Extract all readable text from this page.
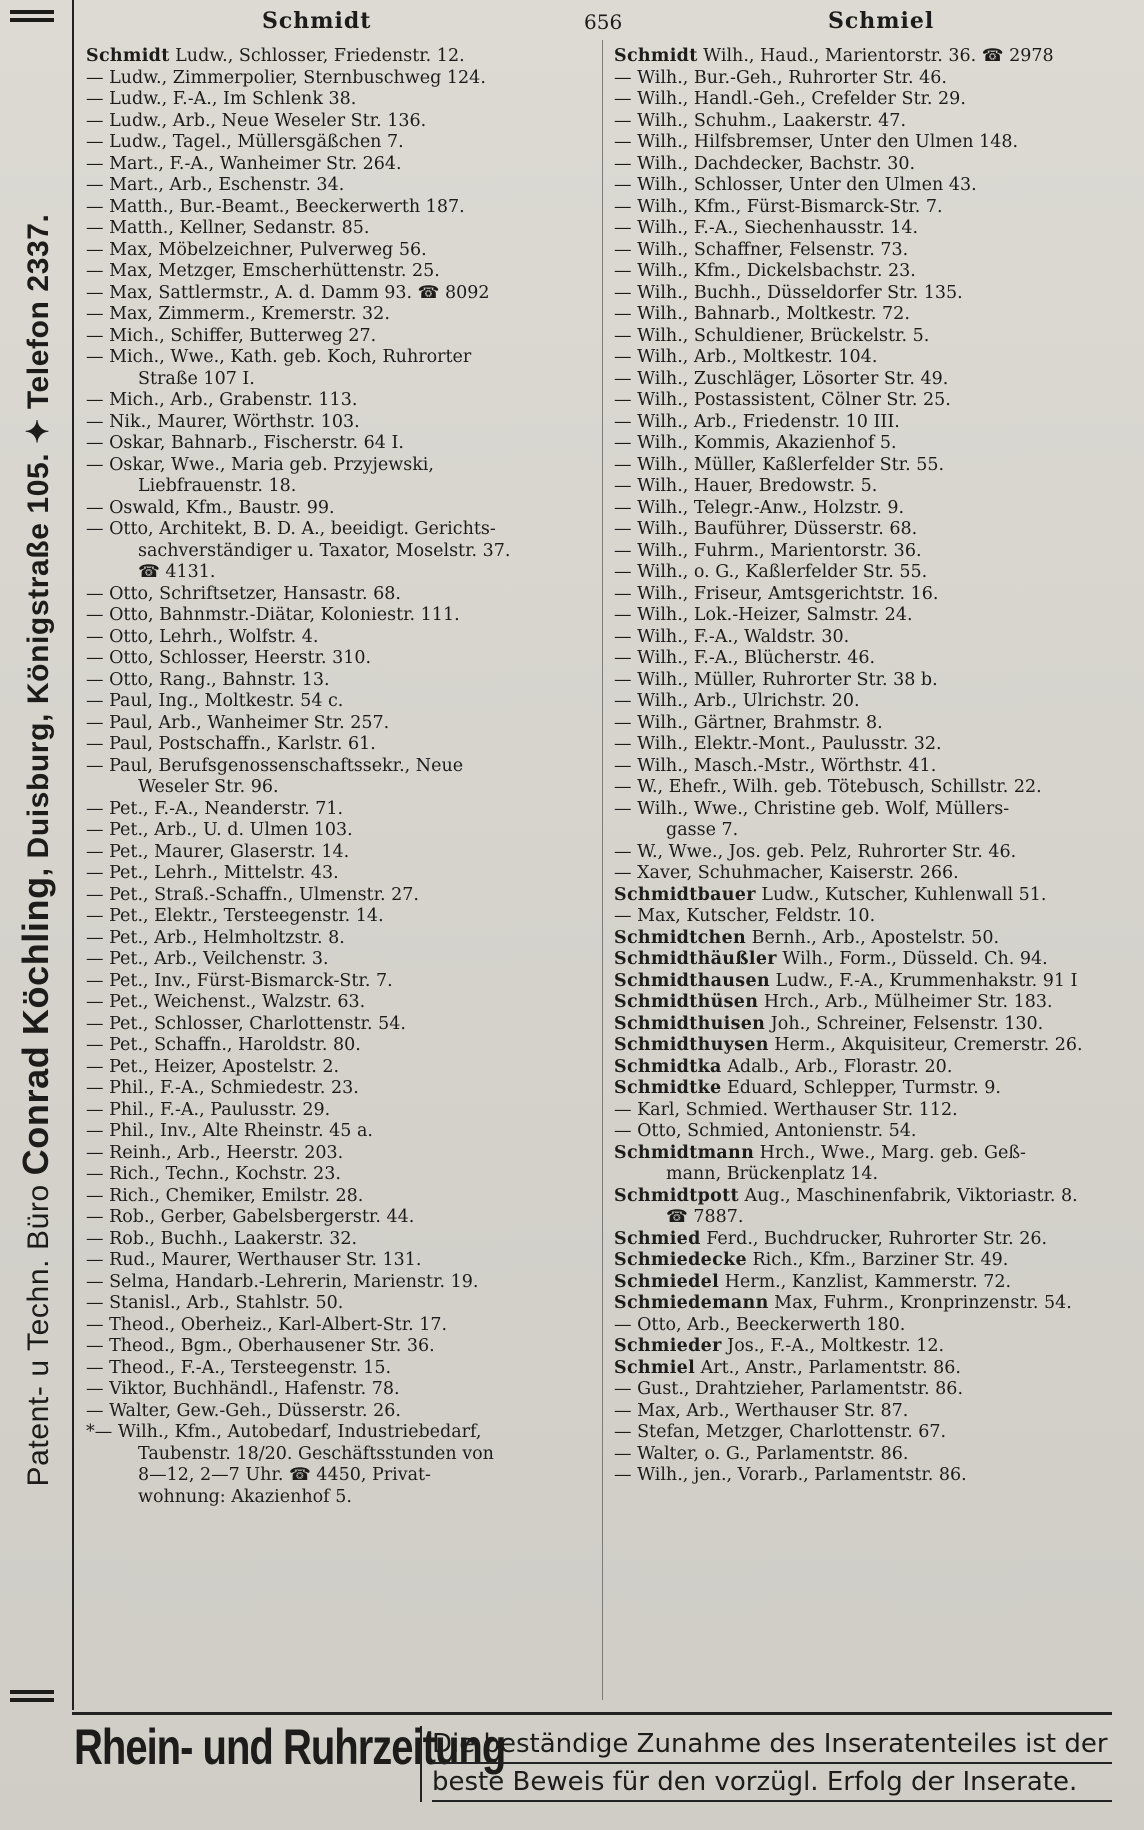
Patent- u Techn. Büro Conrad Köchling, Duisburg, Königstraße 105. ✦ Telefon 2337.
Schmidt	656	Schmiel
Schmidt Ludw., Schlosser, Friedenstr. 12.
— Ludw., Zimmerpolier, Sternbuschweg 124.
— Ludw., F.-A., Im Schlenk 38.
— Ludw., Arb., Neue Weseler Str. 136.
— Ludw., Tagel., Müllersgäßchen 7.
— Mart., F.-A., Wanheimer Str. 264.
— Mart., Arb., Eschenstr. 34.
— Matth., Bur.-Beamt., Beeckerwerth 187.
— Matth., Kellner, Sedanstr. 85.
— Max, Möbelzeichner, Pulverweg 56.
— Max, Metzger, Emscherhüttenstr. 25.
— Max, Sattlermstr., A. d. Damm 93. ☎ 8092
— Max, Zimmerm., Kremerstr. 32.
— Mich., Schiffer, Butterweg 27.
— Mich., Wwe., Kath. geb. Koch, Ruhrorter
Straße 107 I.
— Mich., Arb., Grabenstr. 113.
— Nik., Maurer, Wörthstr. 103.
— Oskar, Bahnarb., Fischerstr. 64 I.
— Oskar, Wwe., Maria geb. Przyjewski,
Liebfrauenstr. 18.
— Oswald, Kfm., Baustr. 99.
— Otto, Architekt, B. D. A., beeidigt. Gerichts-
sachverständiger u. Taxator, Moselstr. 37.
☎ 4131.
— Otto, Schriftsetzer, Hansastr. 68.
— Otto, Bahnmstr.-Diätar, Koloniestr. 111.
— Otto, Lehrh., Wolfstr. 4.
— Otto, Schlosser, Heerstr. 310.
— Otto, Rang., Bahnstr. 13.
— Paul, Ing., Moltkestr. 54 c.
— Paul, Arb., Wanheimer Str. 257.
— Paul, Postschaffn., Karlstr. 61.
— Paul, Berufsgenossenschaftssekr., Neue
Weseler Str. 96.
— Pet., F.-A., Neanderstr. 71.
— Pet., Arb., U. d. Ulmen 103.
— Pet., Maurer, Glaserstr. 14.
— Pet., Lehrh., Mittelstr. 43.
— Pet., Straß.-Schaffn., Ulmenstr. 27.
— Pet., Elektr., Tersteegenstr. 14.
— Pet., Arb., Helmholtzstr. 8.
— Pet., Arb., Veilchenstr. 3.
— Pet., Inv., Fürst-Bismarck-Str. 7.
— Pet., Weichenst., Walzstr. 63.
— Pet., Schlosser, Charlottenstr. 54.
— Pet., Schaffn., Haroldstr. 80.
— Pet., Heizer, Apostelstr. 2.
— Phil., F.-A., Schmiedestr. 23.
— Phil., F.-A., Paulusstr. 29.
— Phil., Inv., Alte Rheinstr. 45 a.
— Reinh., Arb., Heerstr. 203.
— Rich., Techn., Kochstr. 23.
— Rich., Chemiker, Emilstr. 28.
— Rob., Gerber, Gabelsbergerstr. 44.
— Rob., Buchh., Laakerstr. 32.
— Rud., Maurer, Werthauser Str. 131.
— Selma, Handarb.-Lehrerin, Marienstr. 19.
— Stanisl., Arb., Stahlstr. 50.
— Theod., Oberheiz., Karl-Albert-Str. 17.
— Theod., Bgm., Oberhausener Str. 36.
— Theod., F.-A., Tersteegenstr. 15.
— Viktor, Buchhändl., Hafenstr. 78.
— Walter, Gew.-Geh., Düsserstr. 26.
*— Wilh., Kfm., Autobedarf, Industriebedarf,
Taubenstr. 18/20. Geschäftsstunden von
8—12, 2—7 Uhr. ☎ 4450, Privat-
wohnung: Akazienhof 5.
Schmidt Wilh., Haud., Marientorstr. 36. ☎ 2978
— Wilh., Bur.-Geh., Ruhrorter Str. 46.
— Wilh., Handl.-Geh., Crefelder Str. 29.
— Wilh., Schuhm., Laakerstr. 47.
— Wilh., Hilfsbremser, Unter den Ulmen 148.
— Wilh., Dachdecker, Bachstr. 30.
— Wilh., Schlosser, Unter den Ulmen 43.
— Wilh., Kfm., Fürst-Bismarck-Str. 7.
— Wilh., F.-A., Siechenhausstr. 14.
— Wilh., Schaffner, Felsenstr. 73.
— Wilh., Kfm., Dickelsbachstr. 23.
— Wilh., Buchh., Düsseldorfer Str. 135.
— Wilh., Bahnarb., Moltkestr. 72.
— Wilh., Schuldiener, Brückelstr. 5.
— Wilh., Arb., Moltkestr. 104.
— Wilh., Zuschläger, Lösorter Str. 49.
— Wilh., Postassistent, Cölner Str. 25.
— Wilh., Arb., Friedenstr. 10 III.
— Wilh., Kommis, Akazienhof 5.
— Wilh., Müller, Kaßlerfelder Str. 55.
— Wilh., Hauer, Bredowstr. 5.
— Wilh., Telegr.-Anw., Holzstr. 9.
— Wilh., Bauführer, Düsserstr. 68.
— Wilh., Fuhrm., Marientorstr. 36.
— Wilh., o. G., Kaßlerfelder Str. 55.
— Wilh., Friseur, Amtsgerichtstr. 16.
— Wilh., Lok.-Heizer, Salmstr. 24.
— Wilh., F.-A., Waldstr. 30.
— Wilh., F.-A., Blücherstr. 46.
— Wilh., Müller, Ruhrorter Str. 38 b.
— Wilh., Arb., Ulrichstr. 20.
— Wilh., Gärtner, Brahmstr. 8.
— Wilh., Elektr.-Mont., Paulusstr. 32.
— Wilh., Masch.-Mstr., Wörthstr. 41.
— W., Ehefr., Wilh. geb. Tötebusch, Schillstr. 22.
— Wilh., Wwe., Christine geb. Wolf, Müllers-
gasse 7.
— W., Wwe., Jos. geb. Pelz, Ruhrorter Str. 46.
— Xaver, Schuhmacher, Kaiserstr. 266.
Schmidtbauer Ludw., Kutscher, Kuhlenwall 51.
— Max, Kutscher, Feldstr. 10.
Schmidtchen Bernh., Arb., Apostelstr. 50.
Schmidthäußler Wilh., Form., Düsseld. Ch. 94.
Schmidthausen Ludw., F.-A., Krummenhakstr. 91 I
Schmidthüsen Hrch., Arb., Mülheimer Str. 183.
Schmidthuisen Joh., Schreiner, Felsenstr. 130.
Schmidthuysen Herm., Akquisiteur, Cremerstr. 26.
Schmidtka Adalb., Arb., Florastr. 20.
Schmidtke Eduard, Schlepper, Turmstr. 9.
— Karl, Schmied. Werthauser Str. 112.
— Otto, Schmied, Antonienstr. 54.
Schmidtmann Hrch., Wwe., Marg. geb. Geß-
mann, Brückenplatz 14.
Schmidtpott Aug., Maschinenfabrik, Viktoriastr. 8.
☎ 7887.
Schmied Ferd., Buchdrucker, Ruhrorter Str. 26.
Schmiedecke Rich., Kfm., Barziner Str. 49.
Schmiedel Herm., Kanzlist, Kammerstr. 72.
Schmiedemann Max, Fuhrm., Kronprinzenstr. 54.
— Otto, Arb., Beeckerwerth 180.
Schmieder Jos., F.-A., Moltkestr. 12.
Schmiel Art., Anstr., Parlamentstr. 86.
— Gust., Drahtzieher, Parlamentstr. 86.
— Max, Arb., Werthauser Str. 87.
— Stefan, Metzger, Charlottenstr. 67.
— Walter, o. G., Parlamentstr. 86.
— Wilh., jen., Vorarb., Parlamentstr. 86.
Rhein- und Ruhrzeitung
Die beständige Zunahme des Inseratenteiles ist der
beste Beweis für den vorzügl. Erfolg der Inserate.
